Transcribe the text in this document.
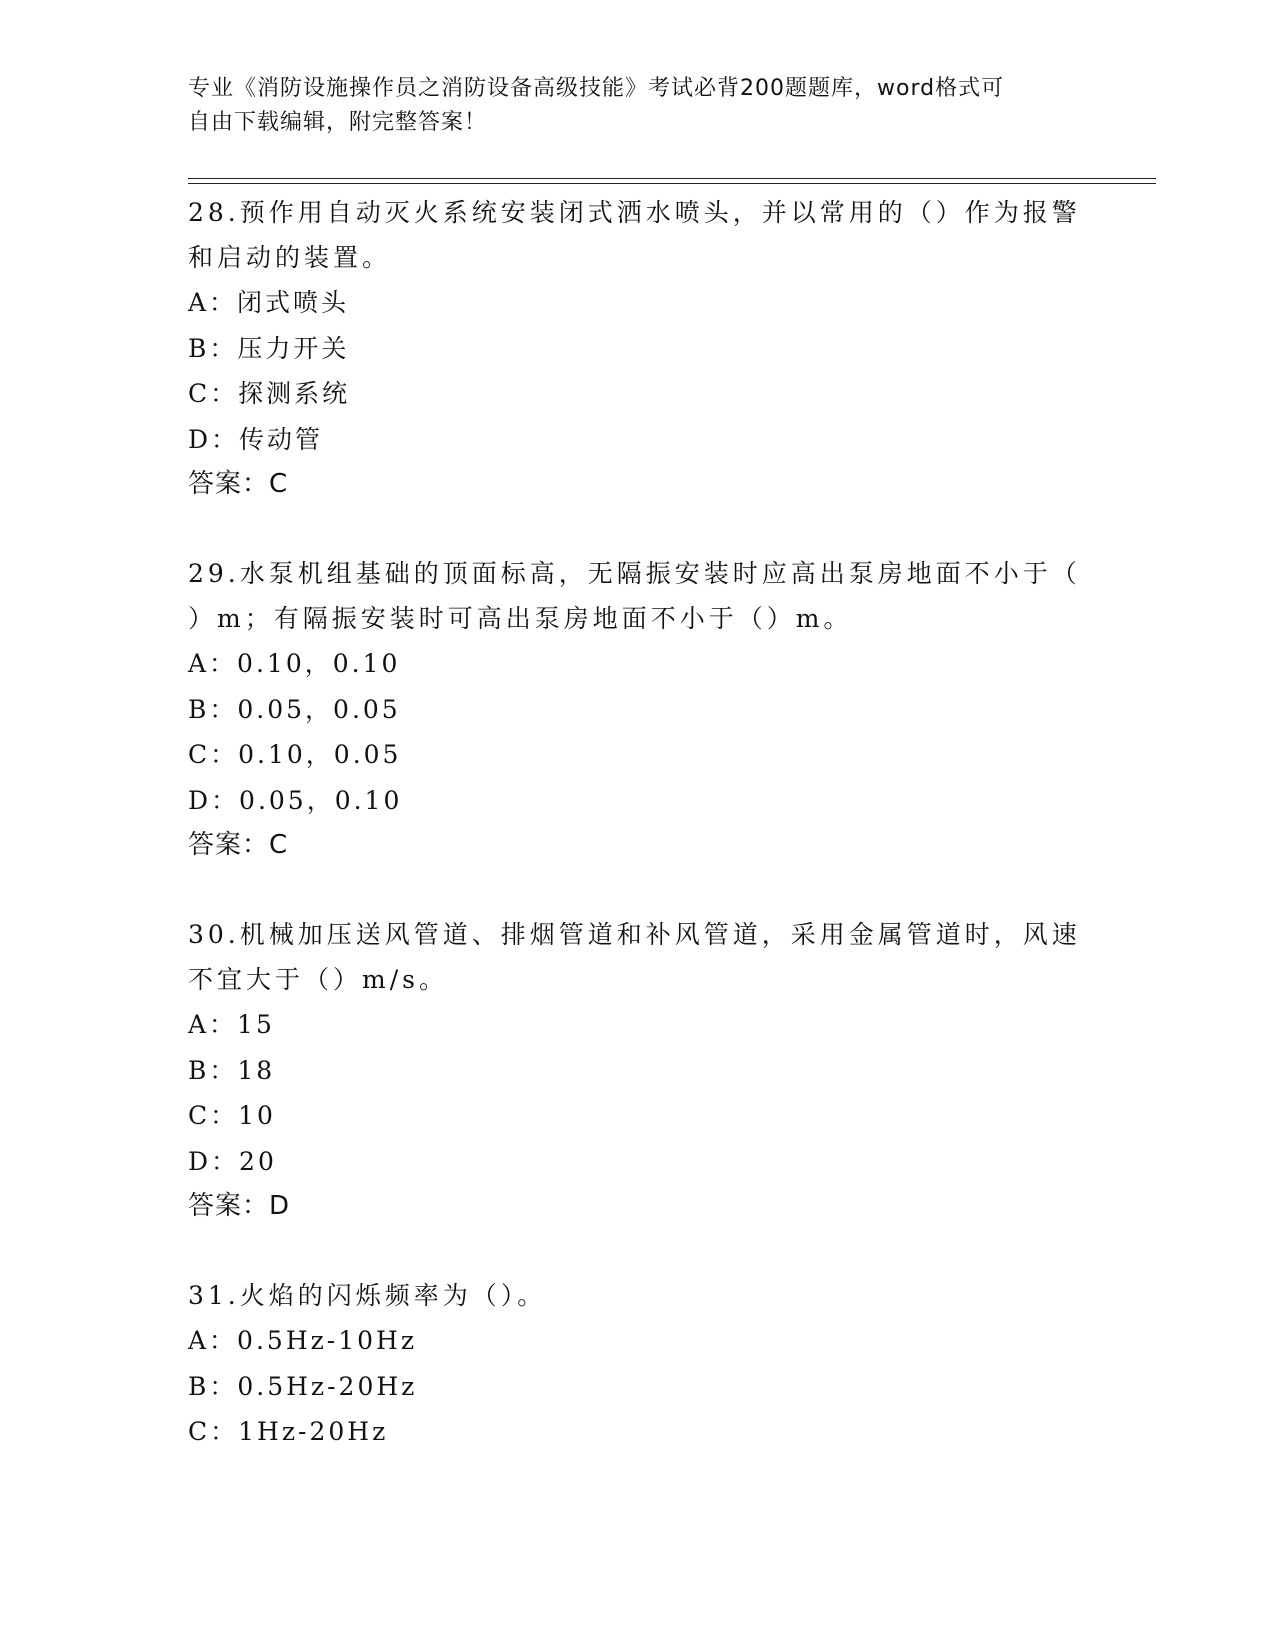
专业《消防设施操作员之消防设备高级技能》考试必背200题题库，word格式可
自由下载编辑，附完整答案！

28.预作用自动灭火系统安装闭式洒水喷头，并以常用的（）作为报警
和启动的装置。

A：闭式喷头

B：压力开关

C：探测系统

D：传动管

答案：C

29.水泵机组基础的顶面标高，无隔振安装时应高出泵房地面不小于（
）m；有隔振安装时可高出泵房地面不小于（）m。

A：0.10，0.10

B：0.05，0.05

C：0.10，0.05

D：0.05，0.10

答案：C

30.机械加压送风管道、排烟管道和补风管道，采用金属管道时，风速
不宜大于（）m/s。

A：15

B：18

C：10

D：20

答案：D

31.火焰的闪烁频率为（）。

A：0.5Hz-10Hz

B：0.5Hz-20Hz

C：1Hz-20Hz
